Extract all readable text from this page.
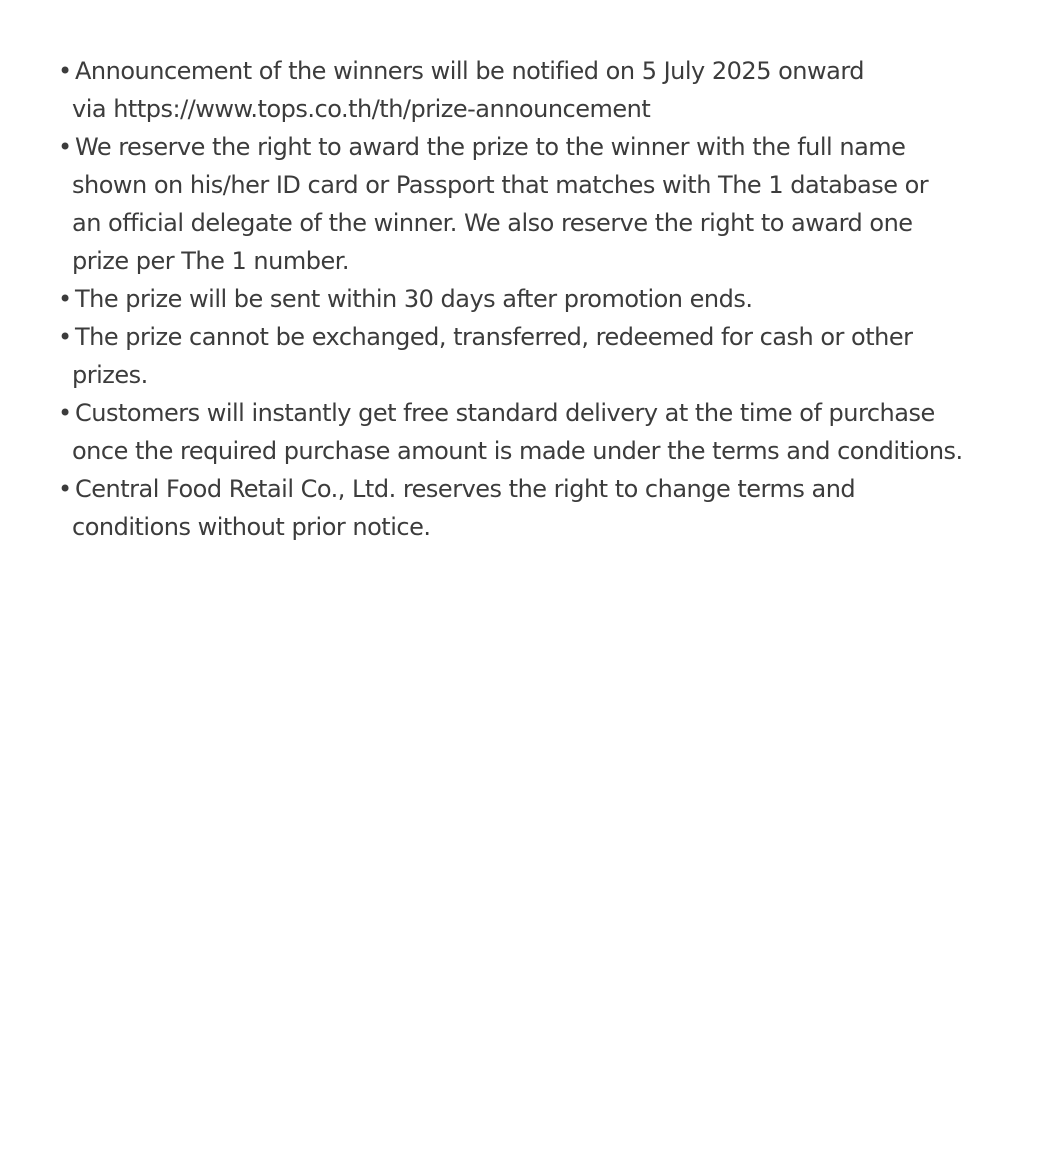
• Announcement of the winners will be notified on 5 July 2025 onward
via https://www.tops.co.th/th/prize-announcement
• We reserve the right to award the prize to the winner with the full name
shown on his/her ID card or Passport that matches with The 1 database or
an official delegate of the winner. We also reserve the right to award one
prize per The 1 number.
• The prize will be sent within 30 days after promotion ends.
• The prize cannot be exchanged, transferred, redeemed for cash or other
prizes.
• Customers will instantly get free standard delivery at the time of purchase
once the required purchase amount is made under the terms and conditions.
• Central Food Retail Co., Ltd. reserves the right to change terms and
conditions without prior notice.
